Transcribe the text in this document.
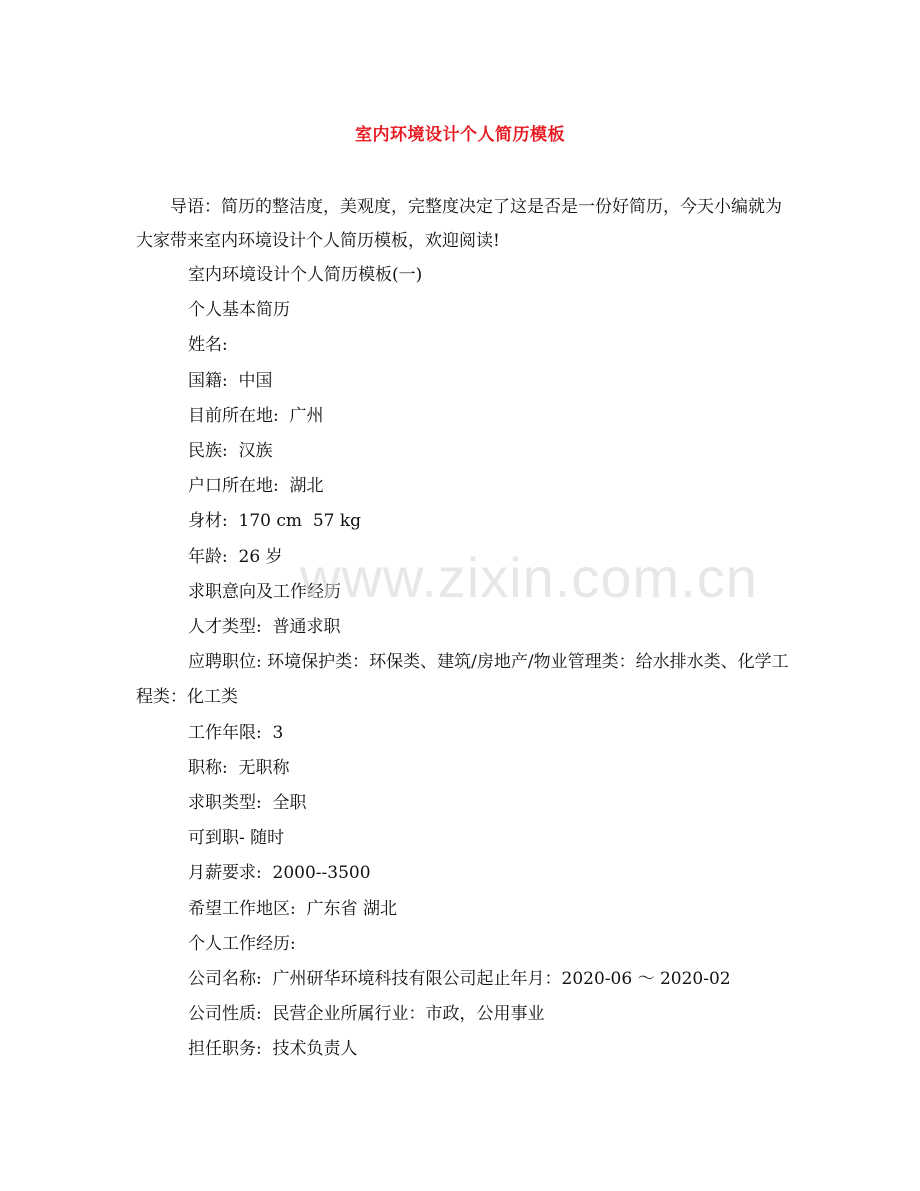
室内环境设计个人简历模板

导语：简历的整洁度，美观度，完整度决定了这是否是一份好简历，今天小编就为大家带来室内环境设计个人简历模板，欢迎阅读!

室内环境设计个人简历模板(一)

个人基本简历

姓名:

国籍:  中国

目前所在地:  广州

民族:  汉族

户口所在地:  湖北

身材:  170 cm  57 kg

年龄:  26 岁

求职意向及工作经历

人才类型:  普通求职

应聘职位: 环境保护类：环保类、建筑/房地产/物业管理类：给水排水类、化学工程类：化工类

工作年限:  3

职称:  无职称

求职类型:  全职

可到职- 随时

月薪要求:  2000--3500

希望工作地区:  广东省 湖北

个人工作经历:

公司名称:  广州研华环境科技有限公司起止年月：2020-06 ～ 2020-02

公司性质:  民营企业所属行业：市政，公用事业

担任职务:  技术负责人

www.zixin.com.cn
